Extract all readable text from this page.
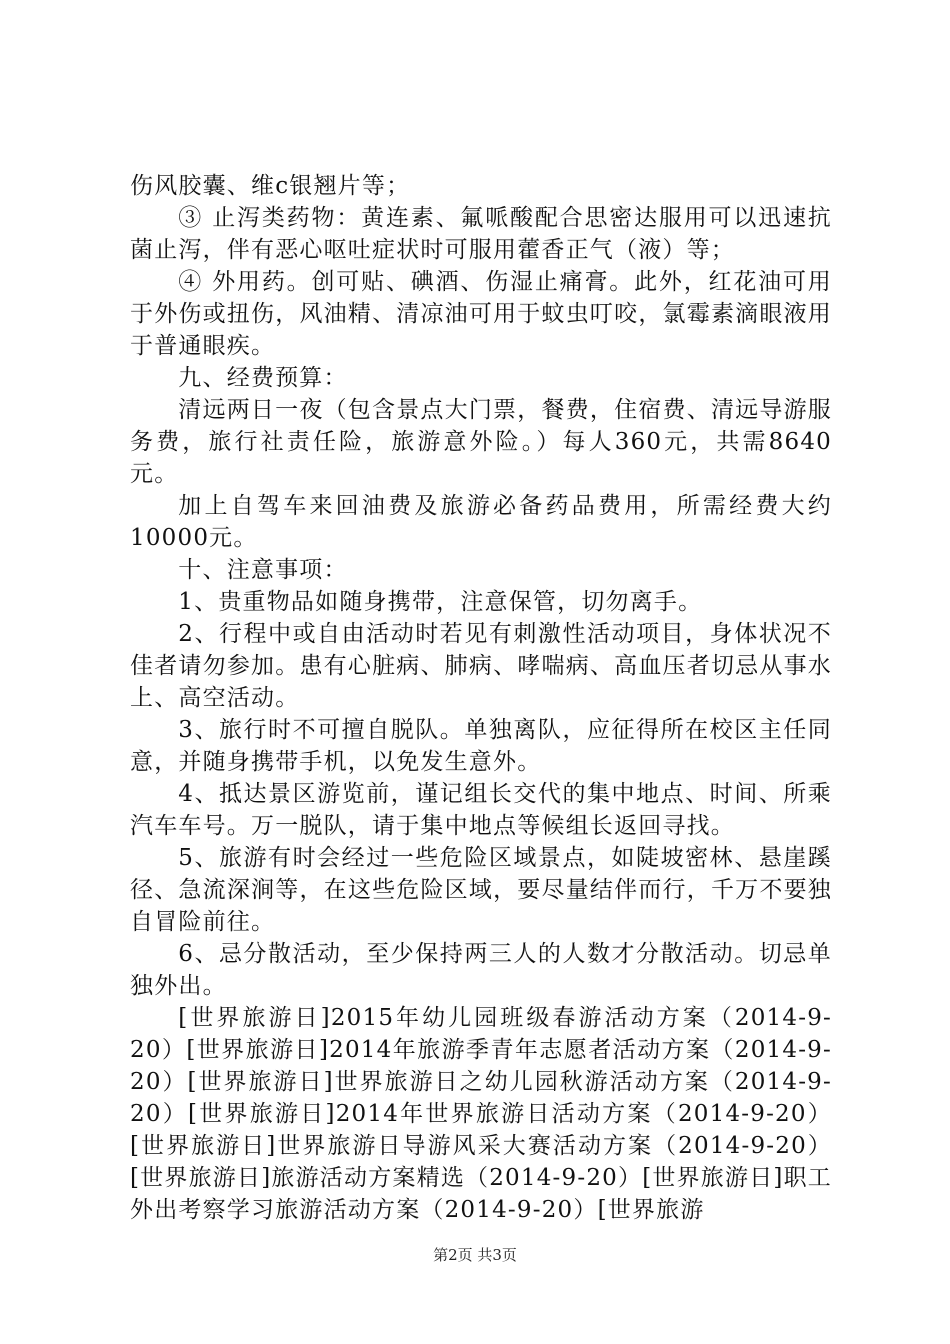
伤风胶囊、维c银翘片等；

③ 止泻类药物：黄连素、氟哌酸配合思密达服用可以迅速抗菌止泻，伴有恶心呕吐症状时可服用藿香正气（液）等；

④ 外用药。创可贴、碘酒、伤湿止痛膏。此外，红花油可用于外伤或扭伤，风油精、清凉油可用于蚊虫叮咬，氯霉素滴眼液用于普通眼疾。

九、经费预算：

清远两日一夜（包含景点大门票，餐费，住宿费、清远导游服务费，旅行社责任险，旅游意外险。）每人360元，共需8640元。

加上自驾车来回油费及旅游必备药品费用，所需经费大约10000元。

十、注意事项：

1、贵重物品如随身携带，注意保管，切勿离手。

2、行程中或自由活动时若见有刺激性活动项目，身体状况不佳者请勿参加。患有心脏病、肺病、哮喘病、高血压者切忌从事水上、高空活动。

3、旅行时不可擅自脱队。单独离队，应征得所在校区主任同意，并随身携带手机，以免发生意外。

4、抵达景区游览前，谨记组长交代的集中地点、时间、所乘汽车车号。万一脱队，请于集中地点等候组长返回寻找。

5、旅游有时会经过一些危险区域景点，如陡坡密林、悬崖蹊径、急流深涧等，在这些危险区域，要尽量结伴而行，千万不要独自冒险前往。

6、忌分散活动，至少保持两三人的人数才分散活动。切忌单独外出。

[世界旅游日]2015年幼儿园班级春游活动方案（2014-9-20）[世界旅游日]2014年旅游季青年志愿者活动方案（2014-9-20）[世界旅游日]世界旅游日之幼儿园秋游活动方案（2014-9-20）[世界旅游日]2014年世界旅游日活动方案（2014-9-20）[世界旅游日]世界旅游日导游风采大赛活动方案（2014-9-20）[世界旅游日]旅游活动方案精选（2014-9-20）[世界旅游日]职工外出考察学习旅游活动方案（2014-9-20）[世界旅游

第2页 共3页
